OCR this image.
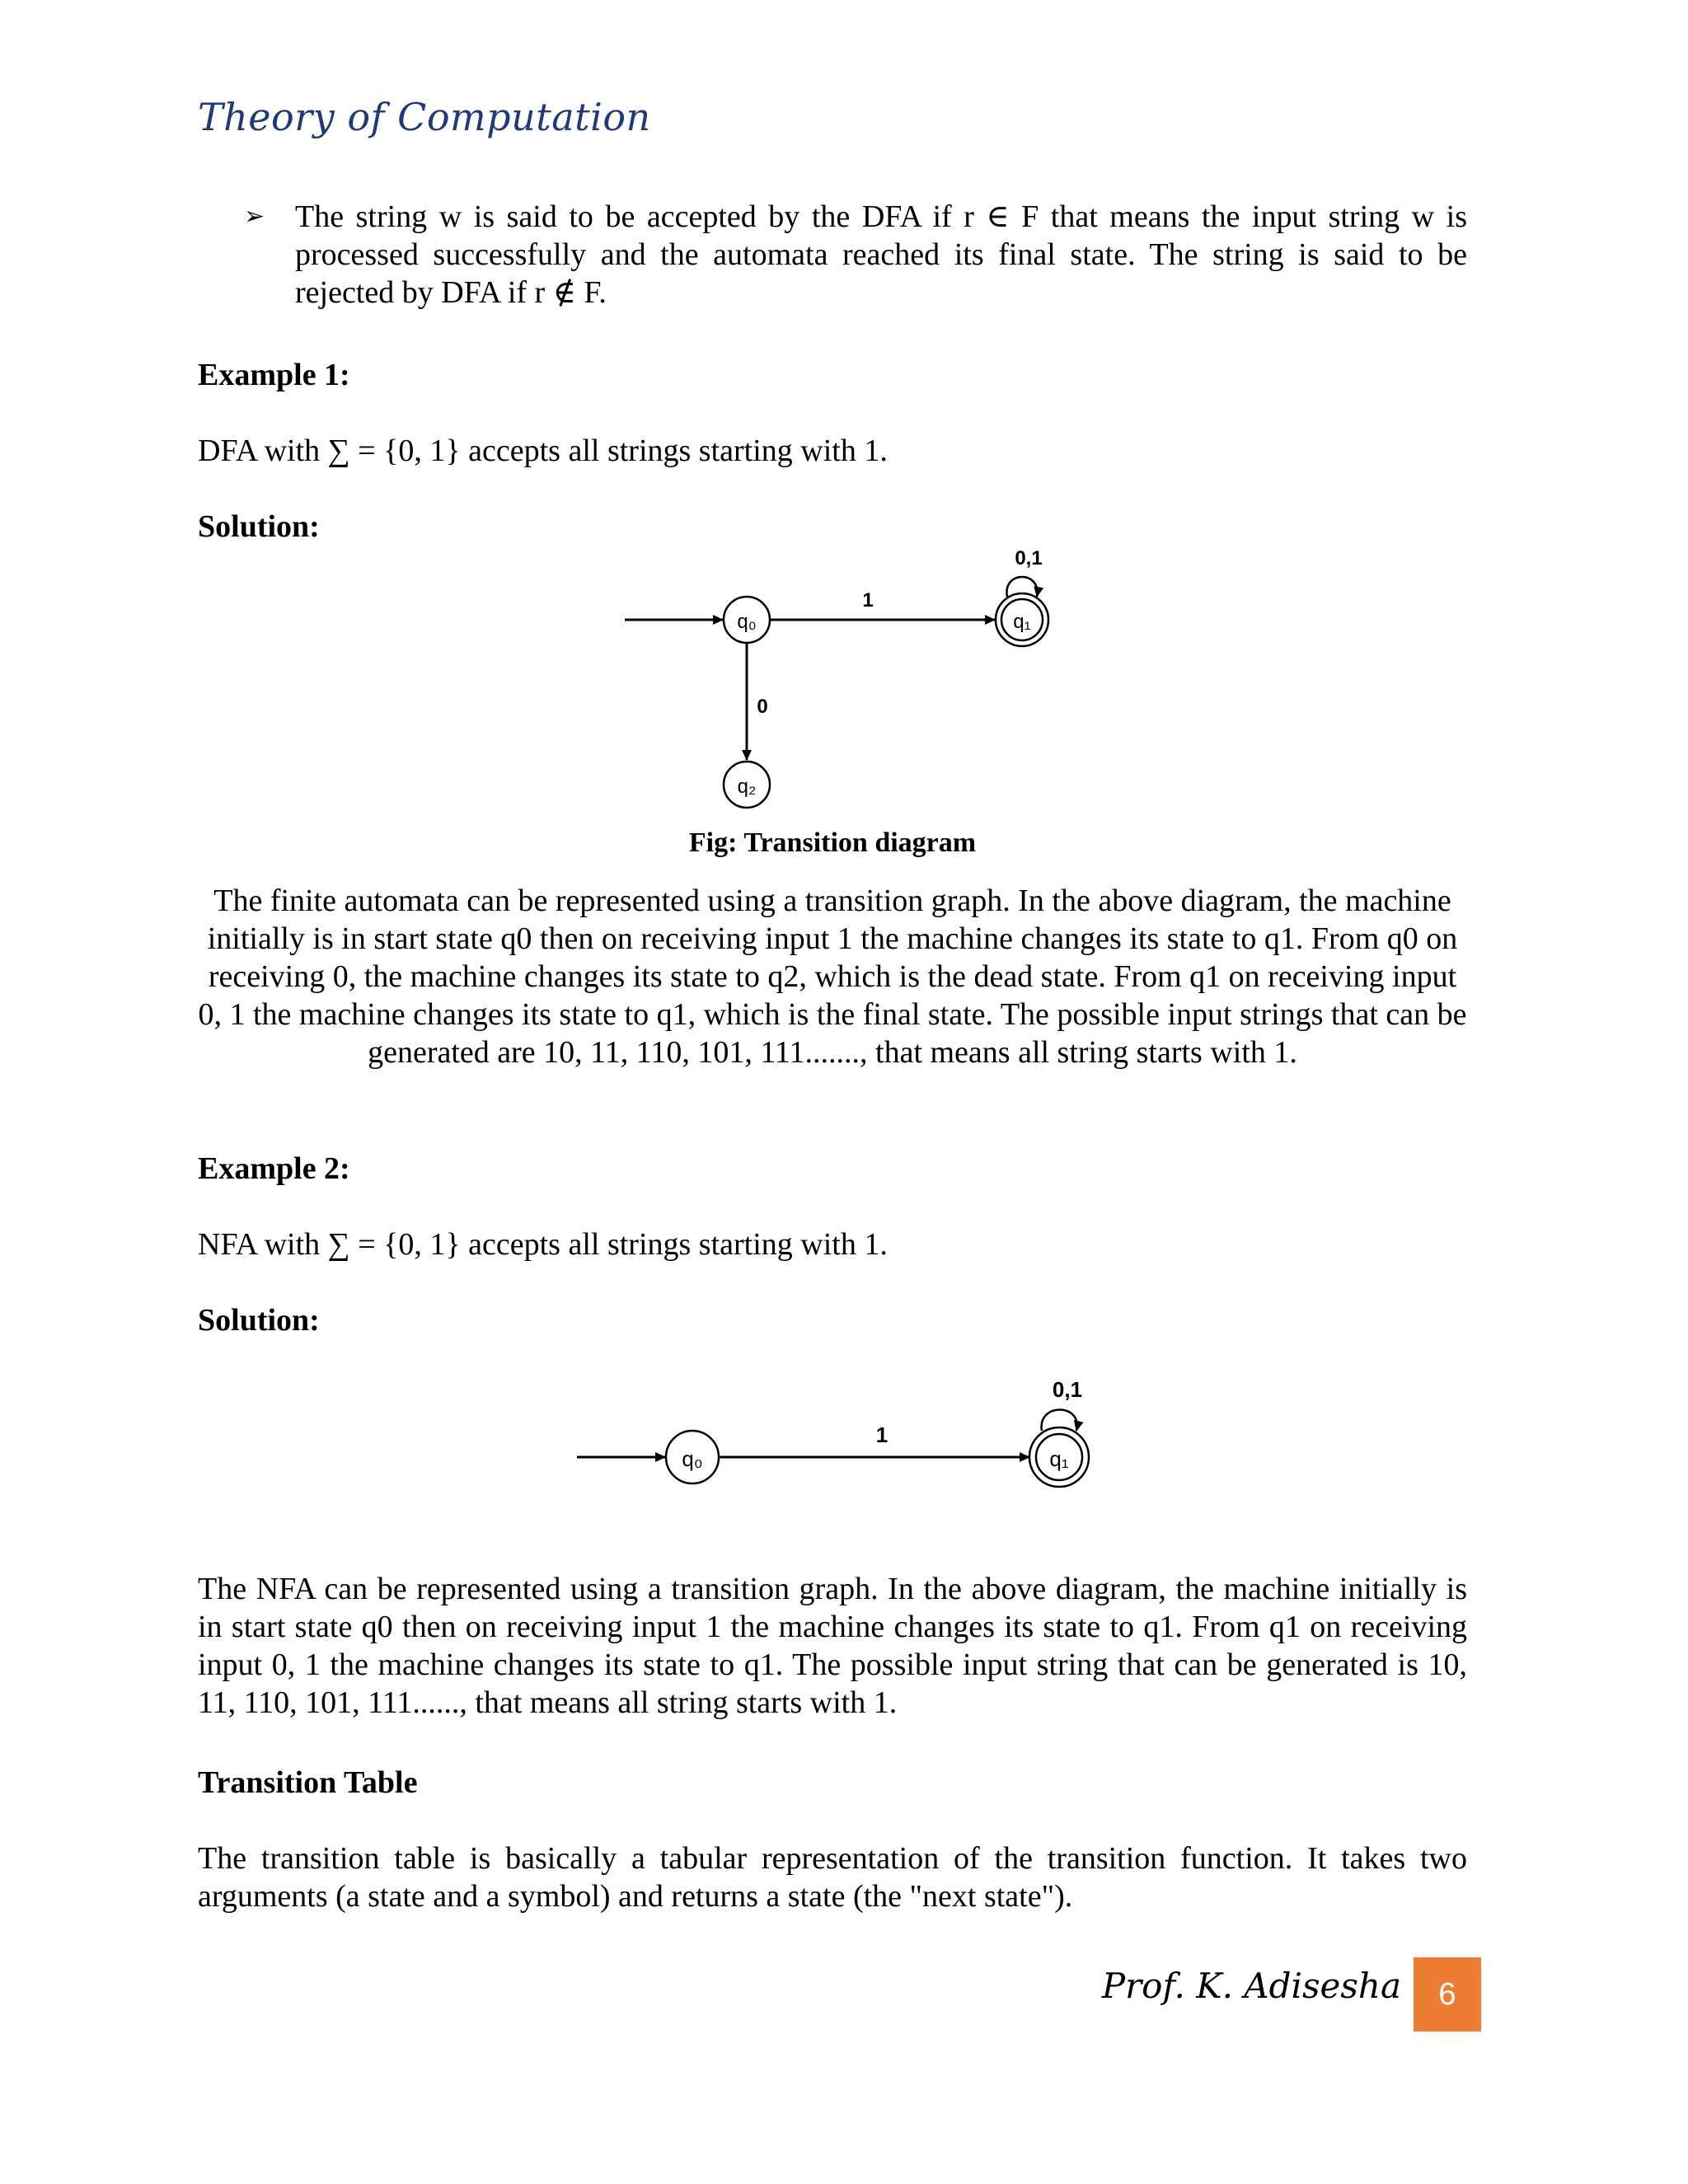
Theory of Computation
➢ The string w is said to be accepted by the DFA if r ∈ F that means the input string w is processed successfully and the automata reached its final state. The string is said to be rejected by DFA if r ∉ F.
Example 1:
DFA with ∑ = {0, 1} accepts all strings starting with 1.
Solution:
q₀
1
q₁
0,1
0
q₂
Fig: Transition diagram
The finite automata can be represented using a transition graph. In the above diagram, the machine initially is in start state q0 then on receiving input 1 the machine changes its state to q1. From q0 on receiving 0, the machine changes its state to q2, which is the dead state. From q1 on receiving input 0, 1 the machine changes its state to q1, which is the final state. The possible input strings that can be generated are 10, 11, 110, 101, 111......., that means all string starts with 1.
Example 2:
NFA with ∑ = {0, 1} accepts all strings starting with 1.
Solution:
q₀
1
q₁
0,1
The NFA can be represented using a transition graph. In the above diagram, the machine initially is in start state q0 then on receiving input 1 the machine changes its state to q1. From q1 on receiving input 0, 1 the machine changes its state to q1. The possible input string that can be generated is 10, 11, 110, 101, 111......, that means all string starts with 1.
Transition Table
The transition table is basically a tabular representation of the transition function. It takes two arguments (a state and a symbol) and returns a state (the "next state").
Prof. K. Adisesha	6
